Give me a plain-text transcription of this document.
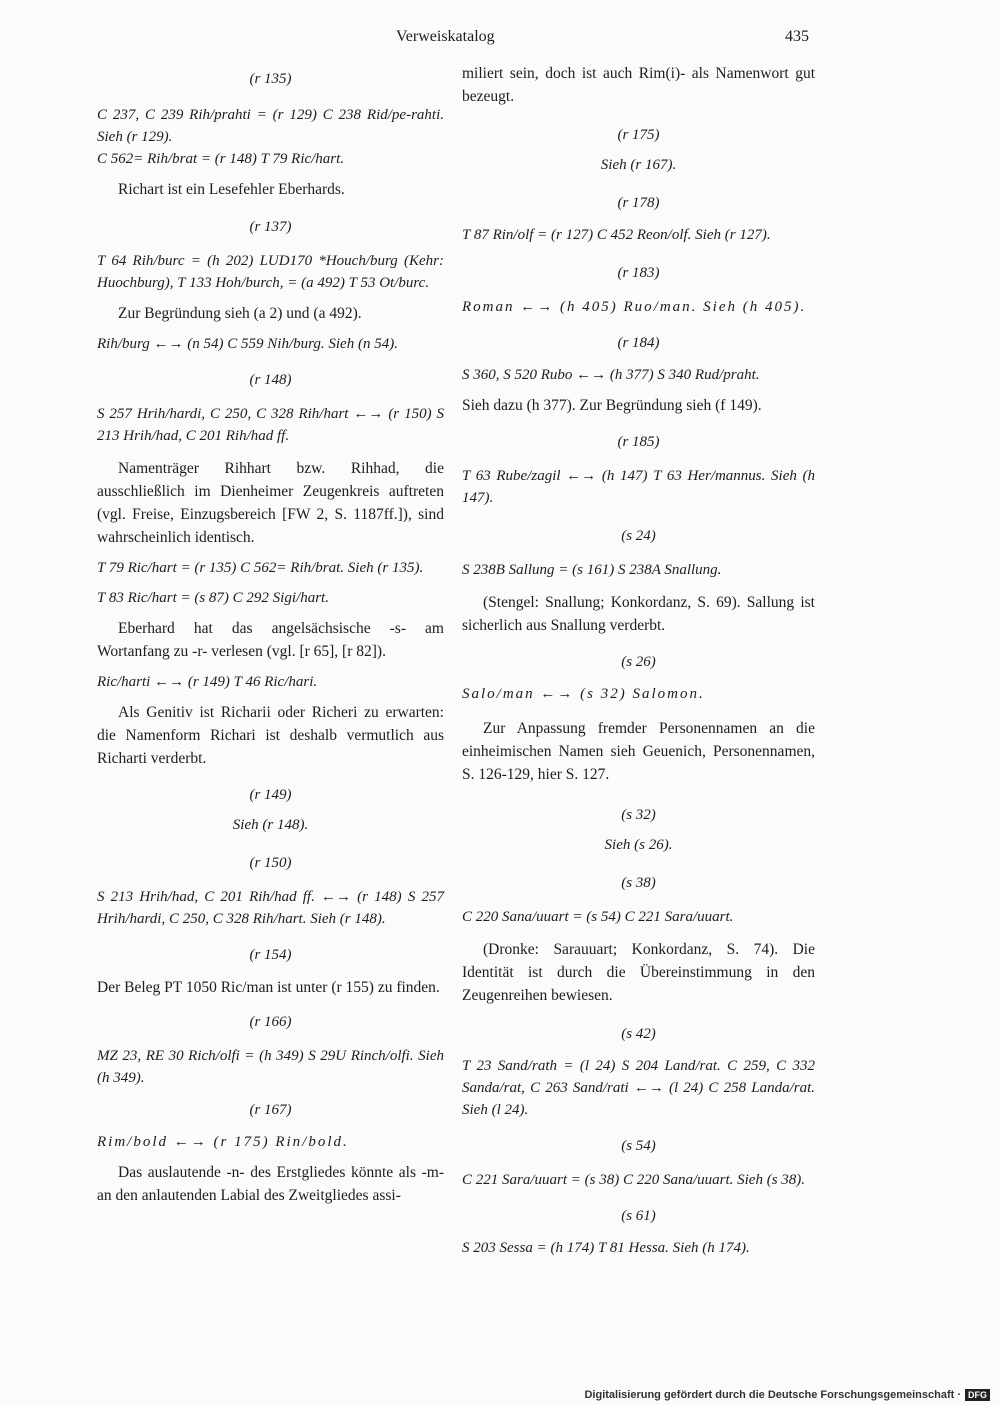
Verweiskatalog	435

(r 135)

C 237, C 239 Rih/prahti = (r 129) C 238 Rid/pe-rahti. Sieh (r 129).

C 562= Rih/brat = (r 148) T 79 Ric/hart.

Richart ist ein Lesefehler Eberhards.

(r 137)

T 64 Rih/burc = (h 202) LUD170 *Houch/burg (Kehr: Huochburg), T 133 Hoh/burch, = (a 492) T 53 Ot/burc.

Zur Begründung sieh (a 2) und (a 492).

Rih/burg ←→ (n 54) C 559 Nih/burg. Sieh (n 54).

(r 148)

S 257 Hrih/hardi, C 250, C 328 Rih/hart ←→ (r 150) S 213 Hrih/had, C 201 Rih/had ff.

Namenträger Rihhart bzw. Rihhad, die ausschließlich im Dienheimer Zeugenkreis auftreten (vgl. Freise, Einzugsbereich [FW 2, S. 1187ff.]), sind wahrscheinlich identisch.

T 79 Ric/hart = (r 135) C 562= Rih/brat. Sieh (r 135).

T 83 Ric/hart = (s 87) C 292 Sigi/hart.

Eberhard hat das angelsächsische -s- am Wortanfang zu -r- verlesen (vgl. [r 65], [r 82]).

Ric/harti ←→ (r 149) T 46 Ric/hari.

Als Genitiv ist Richarii oder Richeri zu erwarten: die Namenform Richari ist deshalb vermutlich aus Richarti verderbt.

(r 149)

Sieh (r 148).

(r 150)

S 213 Hrih/had, C 201 Rih/had ff. ←→ (r 148) S 257 Hrih/hardi, C 250, C 328 Rih/hart. Sieh (r 148).

(r 154)

Der Beleg PT 1050 Ric/man ist unter (r 155) zu finden.

(r 166)

MZ 23, RE 30 Rich/olfi = (h 349) S 29U Rinch/olfi. Sieh (h 349).

(r 167)

Rim/bold ←→ (r 175) Rin/bold.

Das auslautende -n- des Erstgliedes könnte als -m- an den anlautenden Labial des Zweitgliedes assi-

miliert sein, doch ist auch Rim(i)- als Namenwort gut bezeugt.

(r 175)

Sieh (r 167).

(r 178)

T 87 Rin/olf = (r 127) C 452 Reon/olf. Sieh (r 127).

(r 183)

Roman ←→ (h 405) Ruo/man. Sieh (h 405).

(r 184)

S 360, S 520 Rubo ←→ (h 377) S 340 Rud/praht.

Sieh dazu (h 377). Zur Begründung sieh (f 149).

(r 185)

T 63 Rube/zagil ←→ (h 147) T 63 Her/mannus. Sieh (h 147).

(s 24)

S 238B Sallung = (s 161) S 238A Snallung.

(Stengel: Snallung; Konkordanz, S. 69). Sallung ist sicherlich aus Snallung verderbt.

(s 26)

Salo/man ←→ (s 32) Salomon.

Zur Anpassung fremder Personennamen an die einheimischen Namen sieh Geuenich, Personennamen, S. 126-129, hier S. 127.

(s 32)

Sieh (s 26).

(s 38)

C 220 Sana/uuart = (s 54) C 221 Sara/uuart.

(Dronke: Sarauuart; Konkordanz, S. 74). Die Identität ist durch die Übereinstimmung in den Zeugenreihen bewiesen.

(s 42)

T 23 Sand/rath = (l 24) S 204 Land/rat. C 259, C 332 Sanda/rat, C 263 Sand/rati ←→ (l 24) C 258 Landa/rat. Sieh (l 24).

(s 54)

C 221 Sara/uuart = (s 38) C 220 Sana/uuart. Sieh (s 38).

(s 61)

S 203 Sessa = (h 174) T 81 Hessa. Sieh (h 174).

Digitalisierung gefördert durch die Deutsche Forschungsgemeinschaft · DFG
